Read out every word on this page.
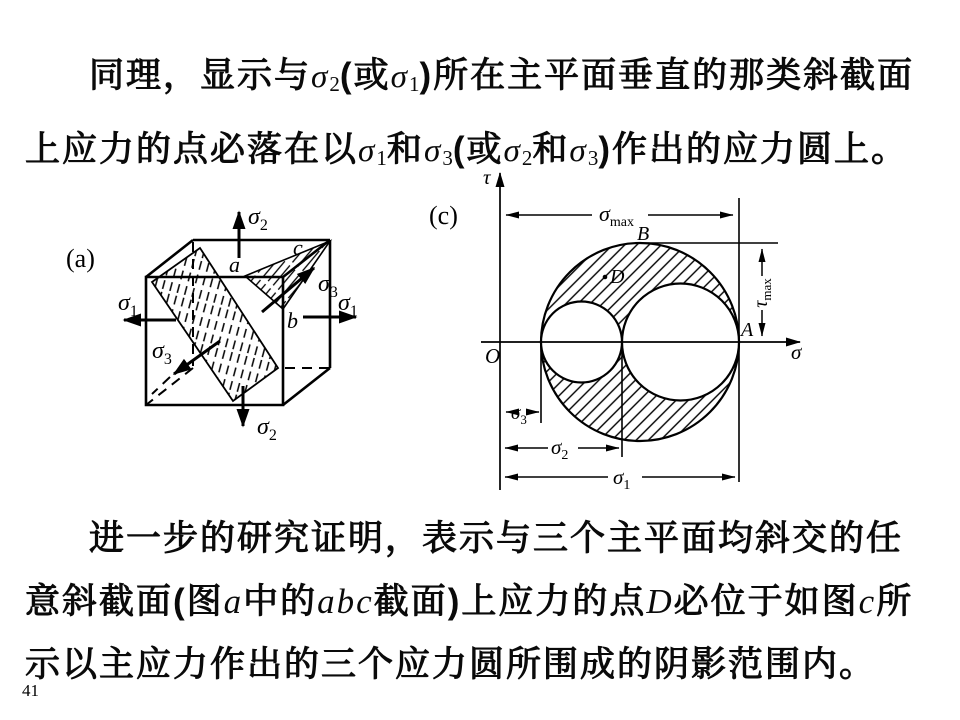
同理，显示与σ2(或σ1)所在主平面垂直的那类斜截面
上应力的点必落在以σ1和σ3(或σ2和σ3)作出的应力圆上。
(a)
$\sigma_2$
$\sigma_2$
$\sigma_1$	$\sigma_1$
$\sigma_3$
$\sigma_3$
a
b
c
(c)
τ
σ
O
B
A
D
$\sigma_{max}$
$\tau_{max}$
$\sigma_3$
$\sigma_2$
$\sigma_1$
进一步的研究证明，表示与三个主平面均斜交的任
意斜截面(图a中的abc截面)上应力的点D必位于如图c所
示以主应力作出的三个应力圆所围成的阴影范围内。
41
